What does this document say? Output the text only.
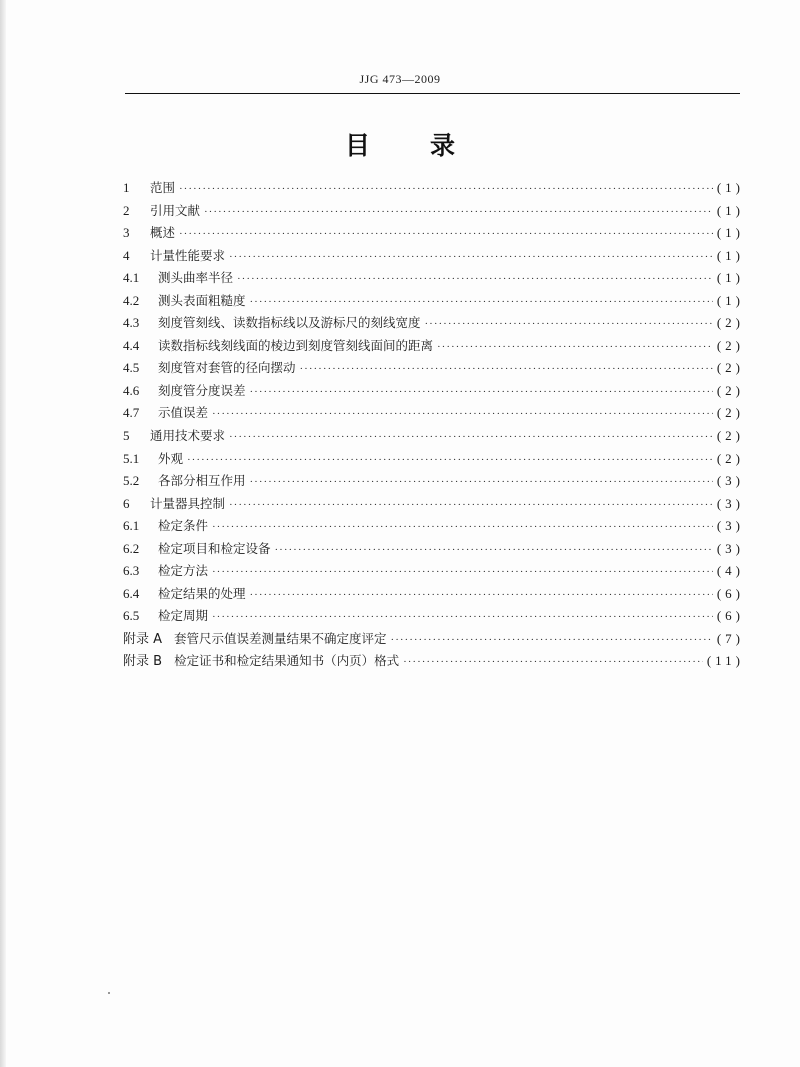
JJG 473—2009
目 录
1	范围 ·····	(1)
2	引用文献 ·····	(1)
3	概述 ·····	(1)
4	计量性能要求 ·····	(1)
4.1	测头曲率半径 ·····	(1)
4.2	测头表面粗糙度 ·····	(1)
4.3	刻度管刻线、读数指标线以及游标尺的刻线宽度 ·····	(2)
4.4	读数指标线刻线面的棱边到刻度管刻线面间的距离 ·····	(2)
4.5	刻度管对套管的径向摆动 ·····	(2)
4.6	刻度管分度误差 ·····	(2)
4.7	示值误差 ·····	(2)
5	通用技术要求 ·····	(2)
5.1	外观 ·····	(2)
5.2	各部分相互作用 ·····	(3)
6	计量器具控制 ·····	(3)
6.1	检定条件 ·····	(3)
6.2	检定项目和检定设备 ·····	(3)
6.3	检定方法 ·····	(4)
6.4	检定结果的处理 ·····	(6)
6.5	检定周期 ·····	(6)
附录 A 套管尺示值误差测量结果不确定度评定 ·····	(7)
附录 B 检定证书和检定结果通知书（内页）格式 ·····	(11)
